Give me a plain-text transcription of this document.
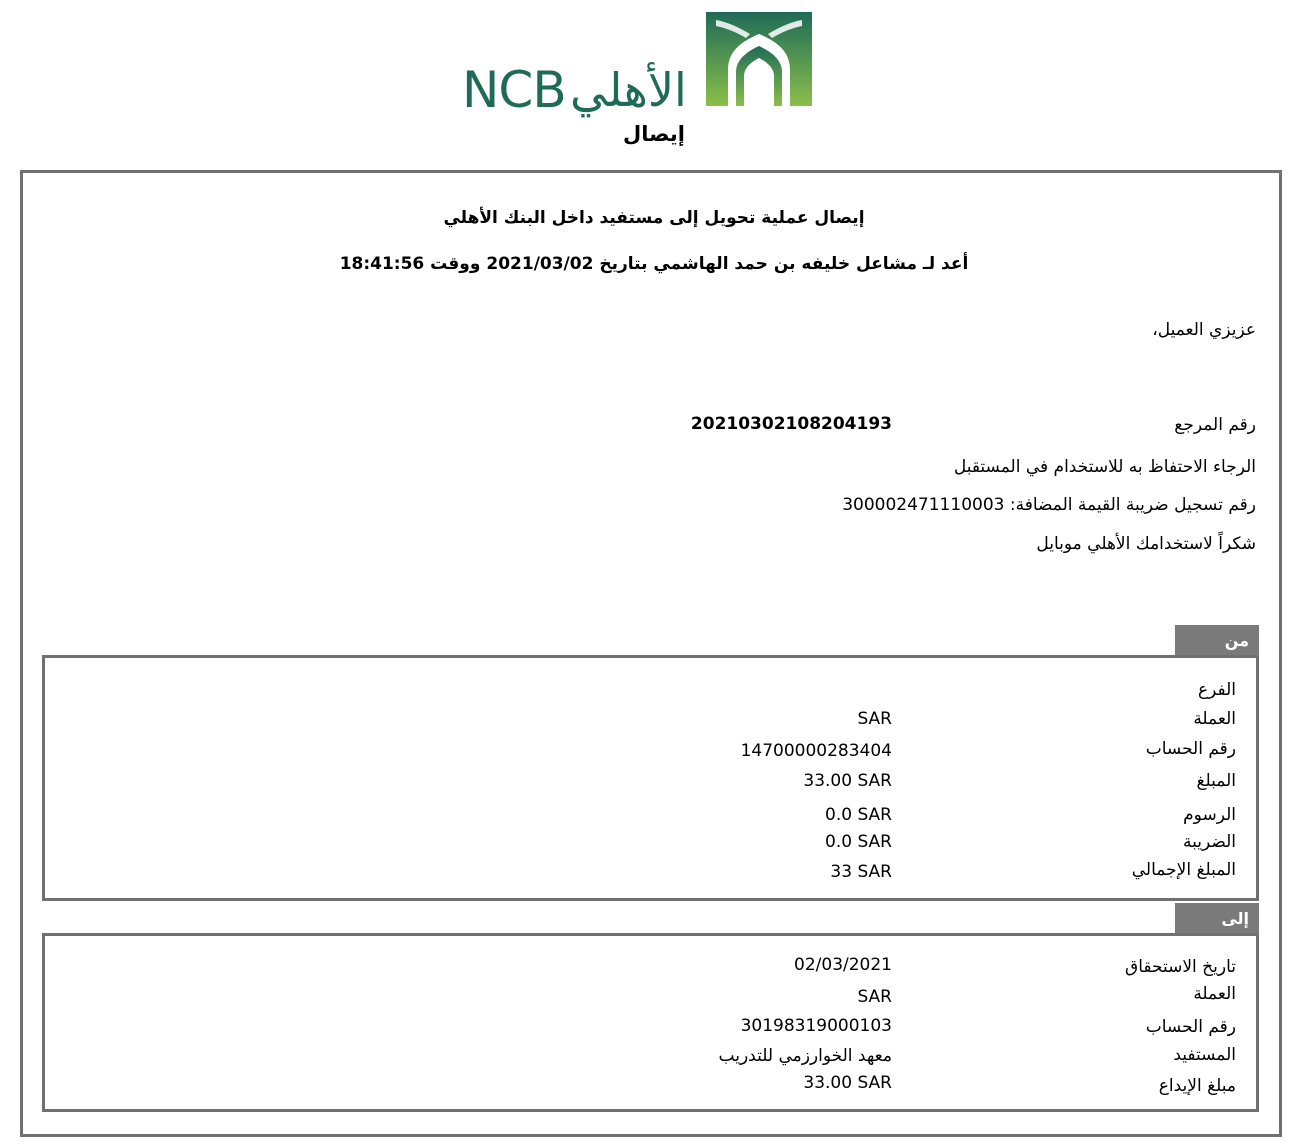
NCB الأهلي
إيصال
إيصال عملية تحويل إلى مستفيد داخل البنك الأهلي
أعد لـ مشاعل خليفه بن حمد الهاشمي بتاريخ 2021/03/02 ووقت 18:41:56
عزيزي العميل،
رقم المرجع
20210302108204193
الرجاء الاحتفاظ به للاستخدام في المستقبل
رقم تسجيل ضريبة القيمة المضافة: 300002471110003
شكراً لاستخدامك الأهلي موبايل
من
الفرع
العملة
SAR
رقم الحساب
14700000283404
المبلغ
33.00 SAR
الرسوم
0.0 SAR
الضريبة
0.0 SAR
المبلغ الإجمالي
33 SAR
إلى
تاريخ الاستحقاق
02/03/2021
العملة
SAR
رقم الحساب
30198319000103
المستفيد
معهد الخوارزمي للتدريب
مبلغ الإيداع
33.00 SAR
